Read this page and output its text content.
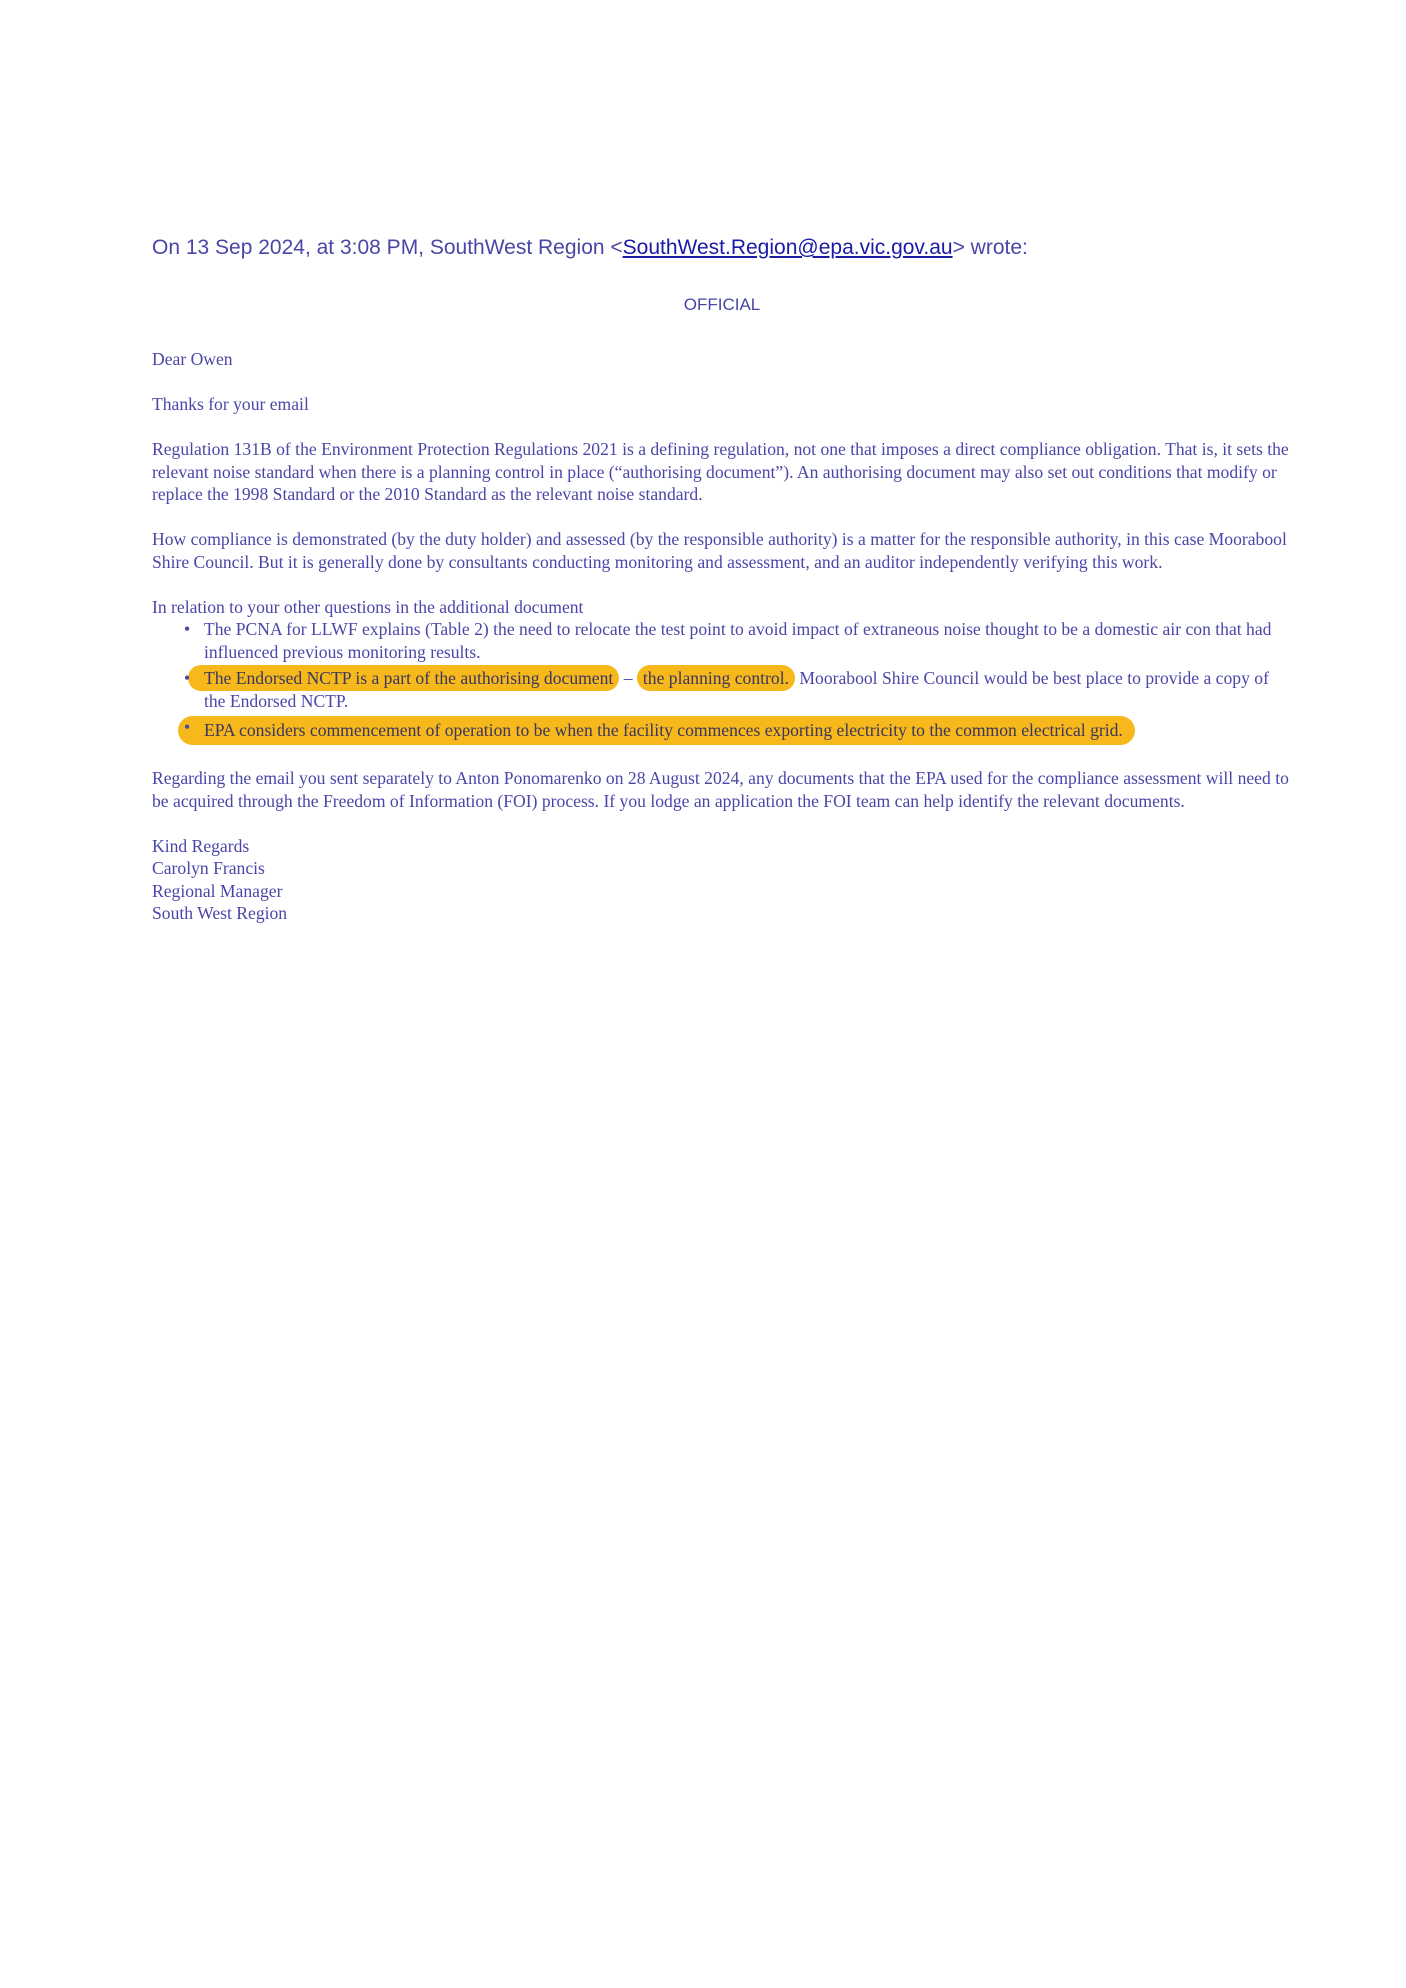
On 13 Sep 2024, at 3:08 PM, SouthWest Region <SouthWest.Region@epa.vic.gov.au> wrote:
OFFICIAL

Dear Owen

Thanks for your email

Regulation 131B of the Environment Protection Regulations 2021 is a defining regulation, not one that imposes a direct compliance obligation. That is, it sets the relevant noise standard when there is a planning control in place (“authorising document”). An authorising document may also set out conditions that modify or replace the 1998 Standard or the 2010 Standard as the relevant noise standard.

How compliance is demonstrated (by the duty holder) and assessed (by the responsible authority) is a matter for the responsible authority, in this case Moorabool Shire Council. But it is generally done by consultants conducting monitoring and assessment, and an auditor independently verifying this work.

In relation to your other questions in the additional document

• The PCNA for LLWF explains (Table 2) the need to relocate the test point to avoid impact of extraneous noise thought to be a domestic air con that had influenced previous monitoring results.
• The Endorsed NCTP is a part of the authorising document – the planning control. Moorabool Shire Council would be best place to provide a copy of the Endorsed NCTP.
• EPA considers commencement of operation to be when the facility commences exporting electricity to the common electrical grid.

Regarding the email you sent separately to Anton Ponomarenko on 28 August 2024, any documents that the EPA used for the compliance assessment will need to be acquired through the Freedom of Information (FOI) process. If you lodge an application the FOI team can help identify the relevant documents.

Kind Regards
Carolyn Francis
Regional Manager
South West Region
